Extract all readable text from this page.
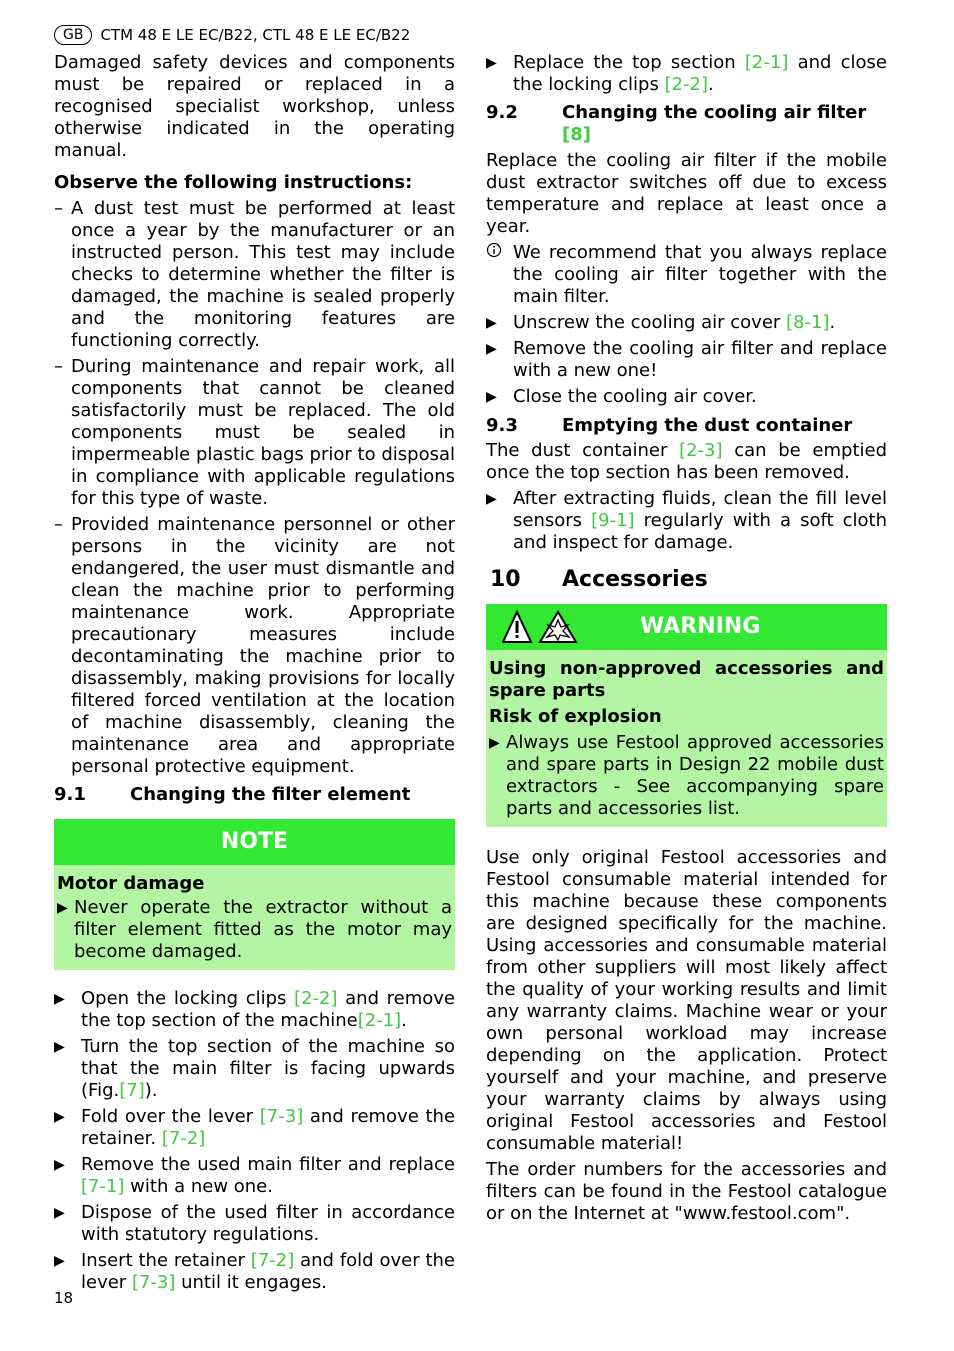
GB	CTM 48 E LE EC/B22, CTL 48 E LE EC/B22

Damaged safety devices and components must be repaired or replaced in a recognised specialist workshop, unless otherwise indicated in the operating manual.

Observe the following instructions:

– A dust test must be performed at least once a year by the manufacturer or an instructed person. This test may include checks to determine whether the filter is damaged, the machine is sealed properly and the monitoring features are functioning correctly.
– During maintenance and repair work, all components that cannot be cleaned satisfactorily must be replaced. The old components must be sealed in impermeable plastic bags prior to disposal in compliance with applicable regulations for this type of waste.
– Provided maintenance personnel or other persons in the vicinity are not endangered, the user must dismantle and clean the machine prior to performing maintenance work. Appropriate precautionary measures include decontaminating the machine prior to disassembly, making provisions for locally filtered forced ventilation at the location of machine disassembly, cleaning the maintenance area and appropriate personal protective equipment.
9.1	Changing the filter element
NOTE

Motor damage

▶ Never operate the extractor without a filter element fitted as the motor may become damaged.
▶ Open the locking clips [2-2] and remove the top section of the machine[2-1].
▶ Turn the top section of the machine so that the main filter is facing upwards (Fig.[7]).
▶ Fold over the lever [7-3] and remove the retainer. [7-2]
▶ Remove the used main filter and replace [7-1] with a new one.
▶ Dispose of the used filter in accordance with statutory regulations.
▶ Insert the retainer [7-2] and fold over the lever [7-3] until it engages.
▶ Replace the top section [2-1] and close the locking clips [2-2].
9.2	Changing the cooling air filter [8]

Replace the cooling air filter if the mobile dust extractor switches off due to excess temperature and replace at least once a year.

We recommend that you always replace the cooling air filter together with the main filter.
▶ Unscrew the cooling air cover [8-1].
▶ Remove the cooling air filter and replace with a new one!
▶ Close the cooling air cover.
9.3	Emptying the dust container

The dust container [2-3] can be emptied once the top section has been removed.

▶ After extracting fluids, clean the fill level sensors [9-1] regularly with a soft cloth and inspect for damage.
10	Accessories
WARNING

Using non-approved accessories and spare parts

Risk of explosion

▶ Always use Festool approved accessories and spare parts in Design 22 mobile dust extractors - See accompanying spare parts and accessories list.

Use only original Festool accessories and Festool consumable material intended for this machine because these components are designed specifically for the machine. Using accessories and consumable material from other suppliers will most likely affect the quality of your working results and limit any warranty claims. Machine wear or your own personal workload may increase depending on the application. Protect yourself and your machine, and preserve your warranty claims by always using original Festool accessories and Festool consumable material!

The order numbers for the accessories and filters can be found in the Festool catalogue or on the Internet at "www.festool.com".

18
